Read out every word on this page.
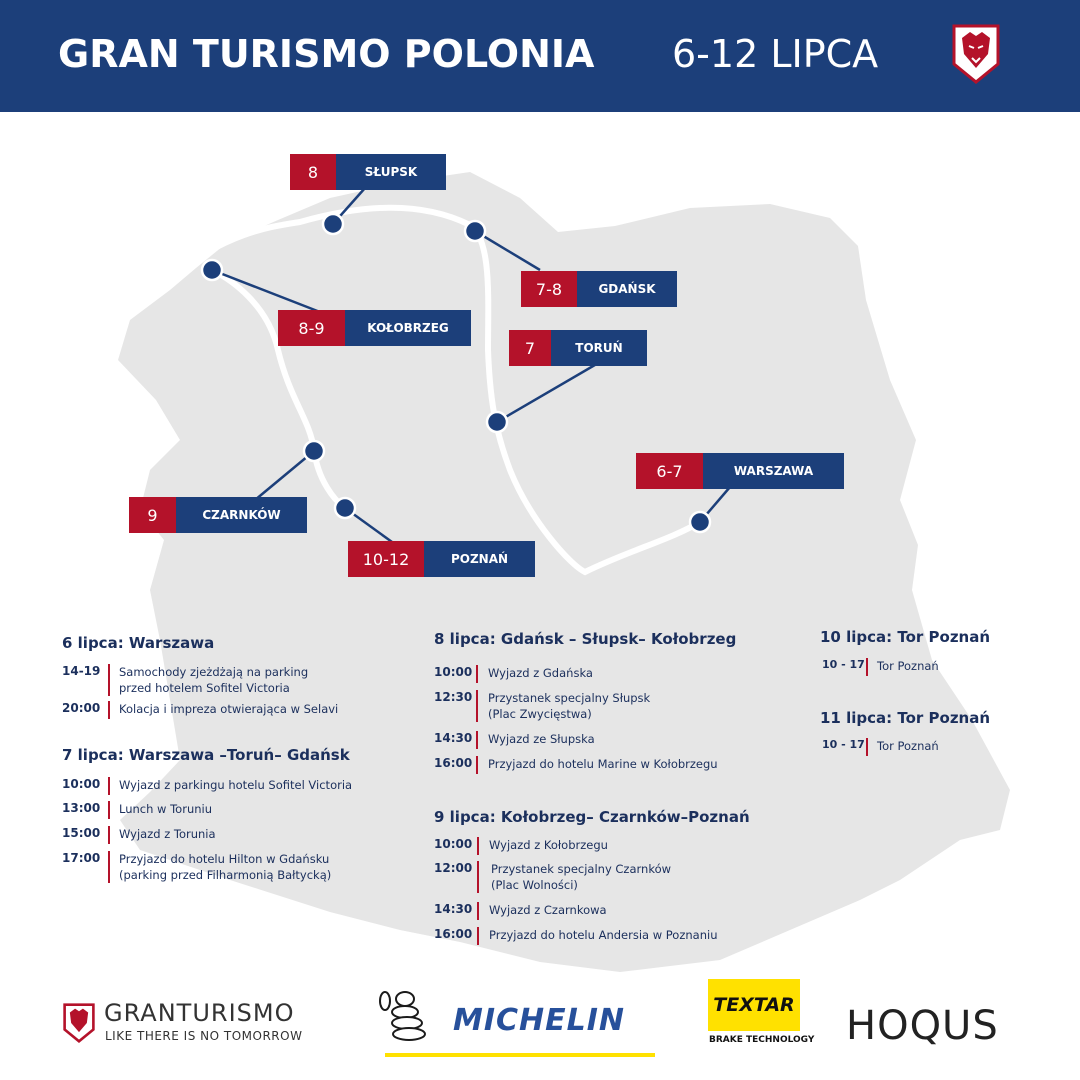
GRAN TURISMO POLONIA 6-12 LIPCA
8	SŁUPSK
7-8	GDAŃSK
8-9	KOŁOBRZEG
7	TORUŃ
6-7	WARSZAWA
9	CZARNKÓW
10-12	POZNAŃ
6 lipca: Warszawa
14-19 Samochody zjeżdżają na parking
przed hotelem Sofitel Victoria
20:00 Kolacja i impreza otwierająca w Selavi
7 lipca: Warszawa –Toruń– Gdańsk
10:00 Wyjazd z parkingu hotelu Sofitel Victoria
13:00 Lunch w Toruniu
15:00 Wyjazd z Torunia
17:00 Przyjazd do hotelu Hilton w Gdańsku
(parking przed Filharmonią Bałtycką)
8 lipca: Gdańsk – Słupsk– Kołobrzeg
10:00 Wyjazd z Gdańska
12:30 Przystanek specjalny Słupsk
(Plac Zwycięstwa)
14:30 Wyjazd ze Słupska
16:00 Przyjazd do hotelu Marine w Kołobrzegu
9 lipca: Kołobrzeg– Czarnków–Poznań
10:00 Wyjazd z Kołobrzegu
12:00 Przystanek specjalny Czarnków
(Plac Wolności)
14:30 Wyjazd z Czarnkowa
16:00 Przyjazd do hotelu Andersia w Poznaniu
10 lipca: Tor Poznań
10 - 17 Tor Poznań
11 lipca: Tor Poznań
10 - 17 Tor Poznań
GRANTURISMO
LIKE THERE IS NO TOMORROW	MICHELIN	TEXTAR
BRAKE TECHNOLOGY HOQUS
